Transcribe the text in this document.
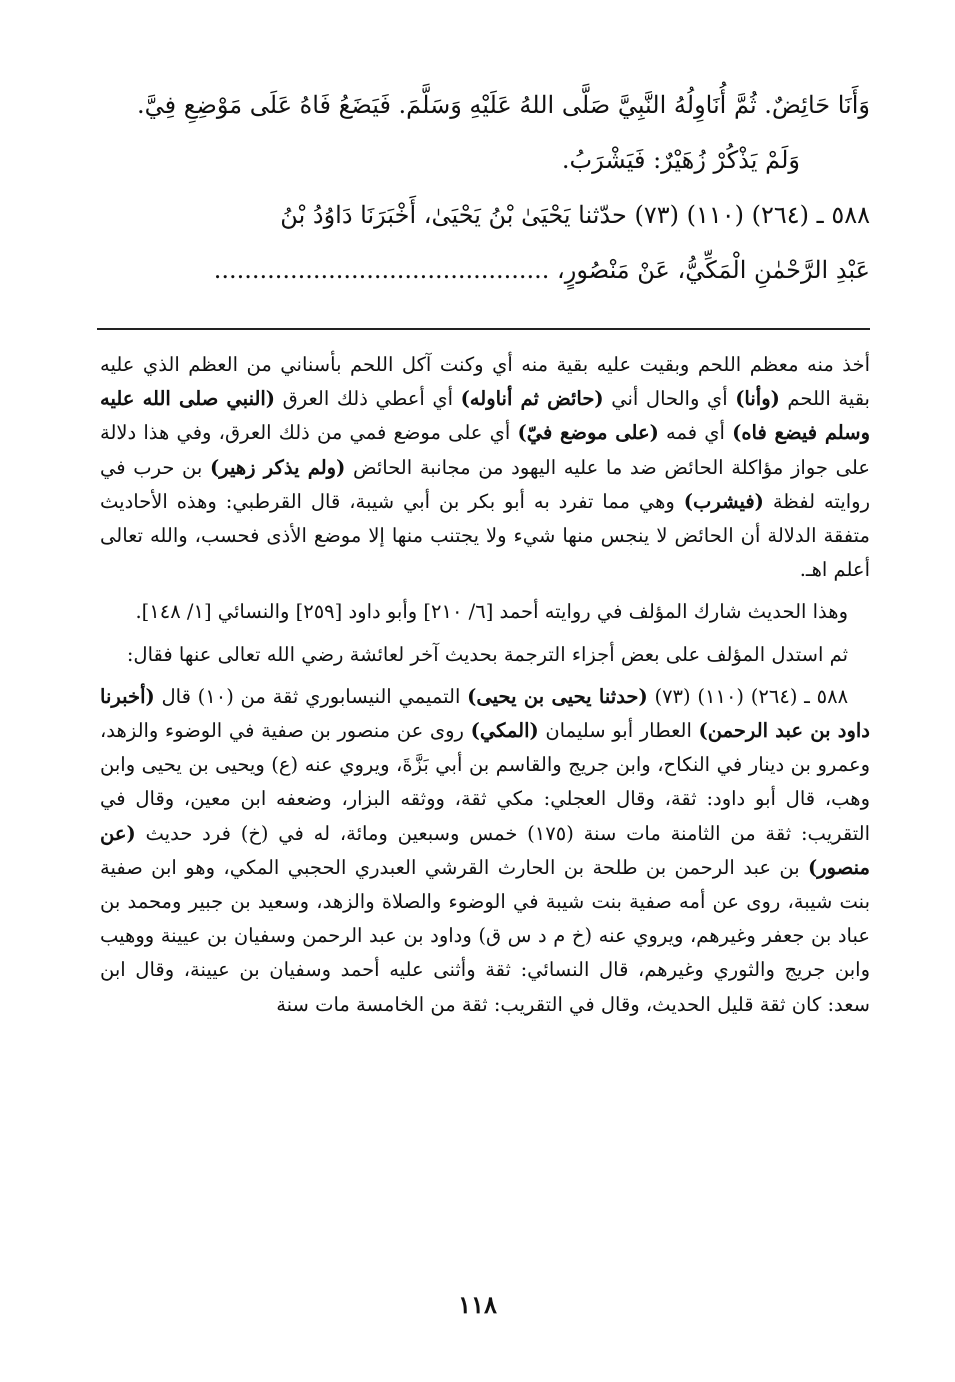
وَأَنَا حَائِضٌ. ثُمَّ أُنَاوِلُهُ النَّبِيَّ صَلَّى اللهُ عَلَيْهِ وَسَلَّمَ. فَيَضَعُ فَاهُ عَلَى مَوْضِعِ فِيَّ.

وَلَمْ يَذْكُرْ زُهَيْرٌ: فَيَشْرَبُ.

٥٨٨ ـ (٢٦٤) (١١٠) (٧٣) حدّثنا يَحْيَىٰ بْنُ يَحْيَىٰ، أَخْبَرَنَا دَاوُدُ بْنُ

عَبْدِ الرَّحْمٰنِ الْمَكِّيُّ، عَنْ مَنْصُورٍ، ............................................

أخذ منه معظم اللحم وبقيت عليه بقية منه أي وكنت آكل اللحم بأسناني من العظم الذي عليه بقية اللحم (وأنا) أي والحال أني (حائض ثم أناوله) أي أعطي ذلك العرق (النبي صلى الله عليه وسلم فيضع فاه) أي فمه (على موضع فيّ) أي على موضع فمي من ذلك العرق، وفي هذا دلالة على جواز مؤاكلة الحائض ضد ما عليه اليهود من مجانبة الحائض (ولم يذكر زهير) بن حرب في روايته لفظة (فيشرب) وهي مما تفرد به أبو بكر بن أبي شيبة، قال القرطبي: وهذه الأحاديث متفقة الدلالة أن الحائض لا ينجس منها شيء ولا يجتنب منها إلا موضع الأذى فحسب، والله تعالى أعلم اهـ.

وهذا الحديث شارك المؤلف في روايته أحمد [٦/ ٢١٠] وأبو داود [٢٥٩] والنسائي [١/ ١٤٨].

ثم استدل المؤلف على بعض أجزاء الترجمة بحديث آخر لعائشة رضي الله تعالى عنها فقال:

٥٨٨ ـ (٢٦٤) (١١٠) (٧٣) (حدثنا يحيى بن يحيى) التميمي النيسابوري ثقة من (١٠) قال (أخبرنا داود بن عبد الرحمن) العطار أبو سليمان (المكي) روى عن منصور بن صفية في الوضوء والزهد، وعمرو بن دينار في النكاح، وابن جريج والقاسم بن أبي بَزَّةَ، ويروي عنه (ع) ويحيى بن يحيى وابن وهب، قال أبو داود: ثقة، وقال العجلي: مكي ثقة، ووثقه البزار، وضعفه ابن معين، وقال في التقريب: ثقة من الثامنة مات سنة (١٧٥) خمس وسبعين ومائة، له في (خ) فرد حديث (عن منصور) بن عبد الرحمن بن طلحة بن الحارث القرشي العبدري الحجبي المكي، وهو ابن صفية بنت شيبة، روى عن أمه صفية بنت شيبة في الوضوء والصلاة والزهد، وسعيد بن جبير ومحمد بن عباد بن جعفر وغيرهم، ويروي عنه (خ م د س ق) وداود بن عبد الرحمن وسفيان بن عيينة ووهيب وابن جريج والثوري وغيرهم، قال النسائي: ثقة وأثنى عليه أحمد وسفيان بن عيينة، وقال ابن سعد: كان ثقة قليل الحديث، وقال في التقريب: ثقة من الخامسة مات سنة

١١٨
